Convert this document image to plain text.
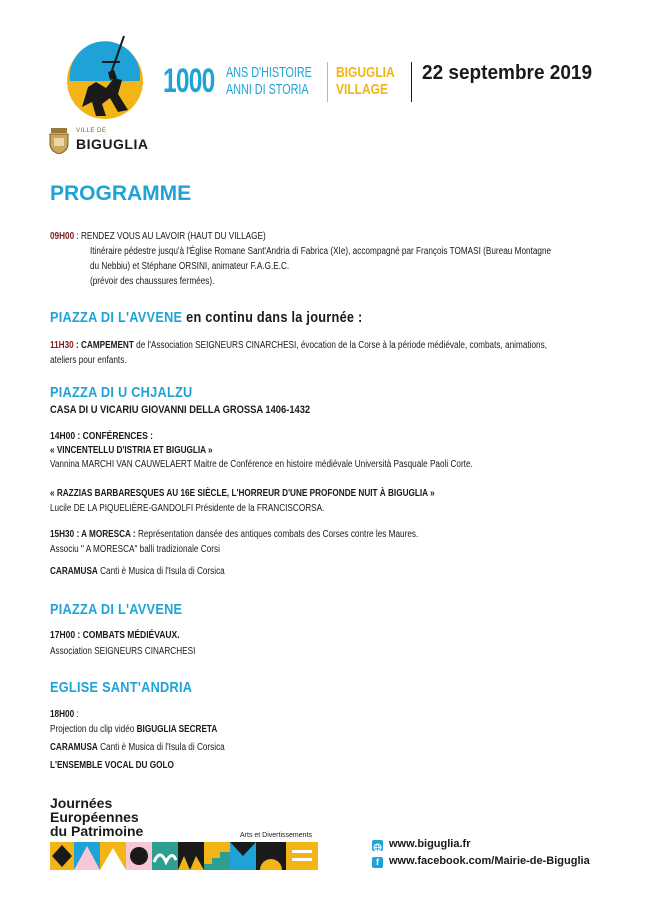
1000 ANS D'HISTOIRE
ANNI DI STORIA
BIGUGLIA
VILLAGE
22 septembre 2019
VILLE DE
BIGUGLIA
PROGRAMME
09H00 : RENDEZ VOUS AU LAVOIR (HAUT DU VILLAGE)
Itinéraire pédestre jusqu'à l'Église Romane Sant'Andria di Fabrica (XIe), accompagné par François TOMASI (Bureau Montagne
du Nebbiu) et Stéphane ORSINI, animateur F.A.G.E.C.
(prévoir des chaussures fermées).
PIAZZA DI L'AVVENE en continu dans la journée :
11H30 : CAMPEMENT de l'Association SEIGNEURS CINARCHESI, évocation de la Corse à la période médiévale, combats, animations,
ateliers pour enfants.
PIAZZA DI U CHJALZU
CASA DI U VICARIU GIOVANNI DELLA GROSSA 1406-1432
14H00 : CONFÉRENCES :
« VINCENTELLU D'ISTRIA ET BIGUGLIA »
Vannina MARCHI VAN CAUWELAERT Maitre de Conférence en histoire médiévale Università Pasquale Paoli Corte.
« RAZZIAS BARBARESQUES AU 16E SIÈCLE, L'HORREUR D'UNE PROFONDE NUIT À BIGUGLIA »
Lucile DE LA PIQUELIÈRE-GANDOLFI Présidente de la FRANCISCORSA.
15H30 : A MORESCA : Représentation dansée des antiques combats des Corses contre les Maures.
Associu " A MORESCA" balli tradizionale Corsi
CARAMUSA Canti è Musica di l'Isula di Corsica
PIAZZA DI L'AVVENE
17H00 : COMBATS MÉDIÉVAUX.
Association SEIGNEURS CINARCHESI
EGLISE SANT'ANDRIA
18H00 :
Projection du clip vidéo BIGUGLIA SECRETA
CARAMUSA Canti è Musica di l'Isula di Corsica
L'ENSEMBLE VOCAL DU GOLO
Journées
Européennes
du Patrimoine	Arts et Divertissements
www.biguglia.fr
f www.facebook.com/Mairie-de-Biguglia
